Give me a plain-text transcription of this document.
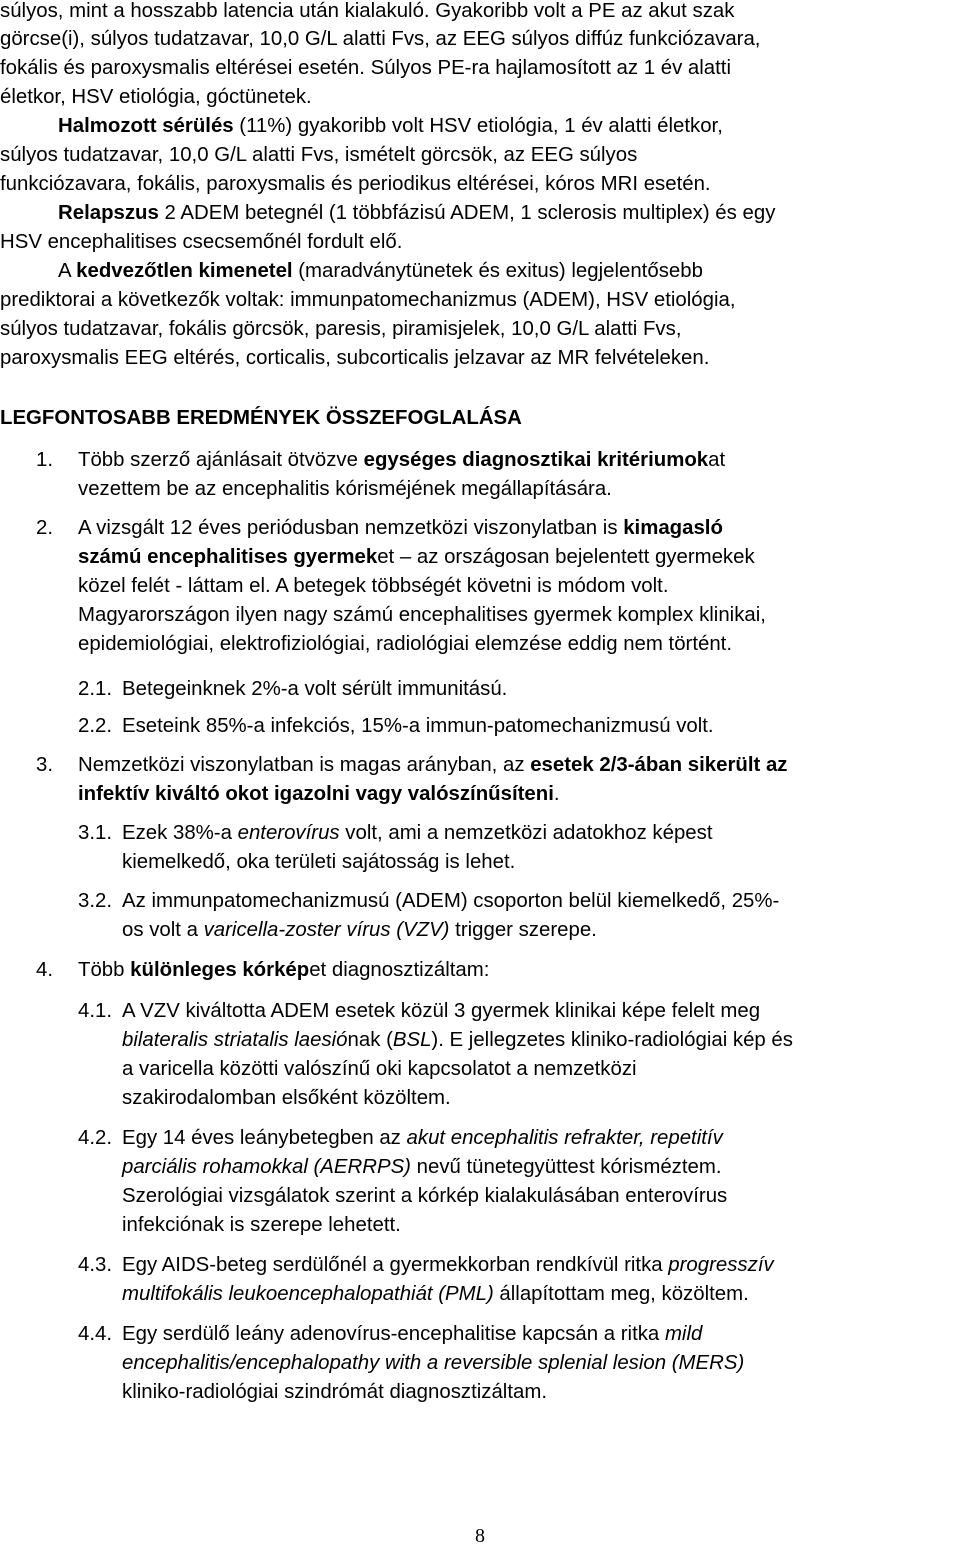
súlyos, mint a hosszabb latencia után kialakuló. Gyakoribb volt a PE az akut szak
görcse(i), súlyos tudatzavar, 10,0 G/L alatti Fvs, az EEG súlyos diffúz funkciózavara,
fokális és paroxysmalis eltérései esetén. Súlyos PE-ra hajlamosított az 1 év alatti
életkor, HSV etiológia, góctünetek.
Halmozott sérülés (11%) gyakoribb volt HSV etiológia, 1 év alatti életkor,
súlyos tudatzavar, 10,0 G/L alatti Fvs, ismételt görcsök, az EEG súlyos
funkciózavara, fokális, paroxysmalis és periodikus eltérései, kóros MRI esetén.
Relapszus 2 ADEM betegnél (1 többfázisú ADEM, 1 sclerosis multiplex) és egy
HSV encephalitises csecsemőnél fordult elő.
A kedvezőtlen kimenetel (maradványtünetek és exitus) legjelentősebb
prediktorai a következők voltak: immunpatomechanizmus (ADEM), HSV etiológia,
súlyos tudatzavar, fokális görcsök, paresis, piramisjelek, 10,0 G/L alatti Fvs,
paroxysmalis EEG eltérés, corticalis, subcorticalis jelzavar az MR felvételeken.
LEGFONTOSABB EREDMÉNYEK ÖSSZEFOGLALÁSA
1. Több szerző ajánlásait ötvözve egységes diagnosztikai kritériumokat
vezettem be az encephalitis kórisméjének megállapítására.
2. A vizsgált 12 éves periódusban nemzetközi viszonylatban is kimagasló
számú encephalitises gyermeket – az országosan bejelentett gyermekek
közel felét - láttam el. A betegek többségét követni is módom volt.
Magyarországon ilyen nagy számú encephalitises gyermek komplex klinikai,
epidemiológiai, elektrofiziológiai, radiológiai elemzése eddig nem történt.
2.1. Betegeinknek 2%-a volt sérült immunitású.
2.2. Eseteink 85%-a infekciós, 15%-a immun-patomechanizmusú volt.
3. Nemzetközi viszonylatban is magas arányban, az esetek 2/3-ában sikerült az
infektív kiváltó okot igazolni vagy valószínűsíteni.
3.1. Ezek 38%-a enterovírus volt, ami a nemzetközi adatokhoz képest
kiemelkedő, oka területi sajátosság is lehet.
3.2. Az immunpatomechanizmusú (ADEM) csoporton belül kiemelkedő, 25%-
os volt a varicella-zoster vírus (VZV) trigger szerepe.
4. Több különleges kórképet diagnosztizáltam:
4.1. A VZV kiváltotta ADEM esetek közül 3 gyermek klinikai képe felelt meg
bilateralis striatalis laesiónak (BSL). E jellegzetes kliniko-radiológiai kép és
a varicella közötti valószínű oki kapcsolatot a nemzetközi
szakirodalomban elsőként közöltem.
4.2. Egy 14 éves leánybetegben az akut encephalitis refrakter, repetitív
parciális rohamokkal (AERRPS) nevű tünetegyüttest kórisméztem.
Szerológiai vizsgálatok szerint a kórkép kialakulásában enterovírus
infekciónak is szerepe lehetett.
4.3. Egy AIDS-beteg serdülőnél a gyermekkorban rendkívül ritka progresszív
multifokális leukoencephalopathiát (PML) állapítottam meg, közöltem.
4.4. Egy serdülő leány adenovírus-encephalitise kapcsán a ritka mild
encephalitis/encephalopathy with a reversible splenial lesion (MERS)
kliniko-radiológiai szindrómát diagnosztizáltam.
8
